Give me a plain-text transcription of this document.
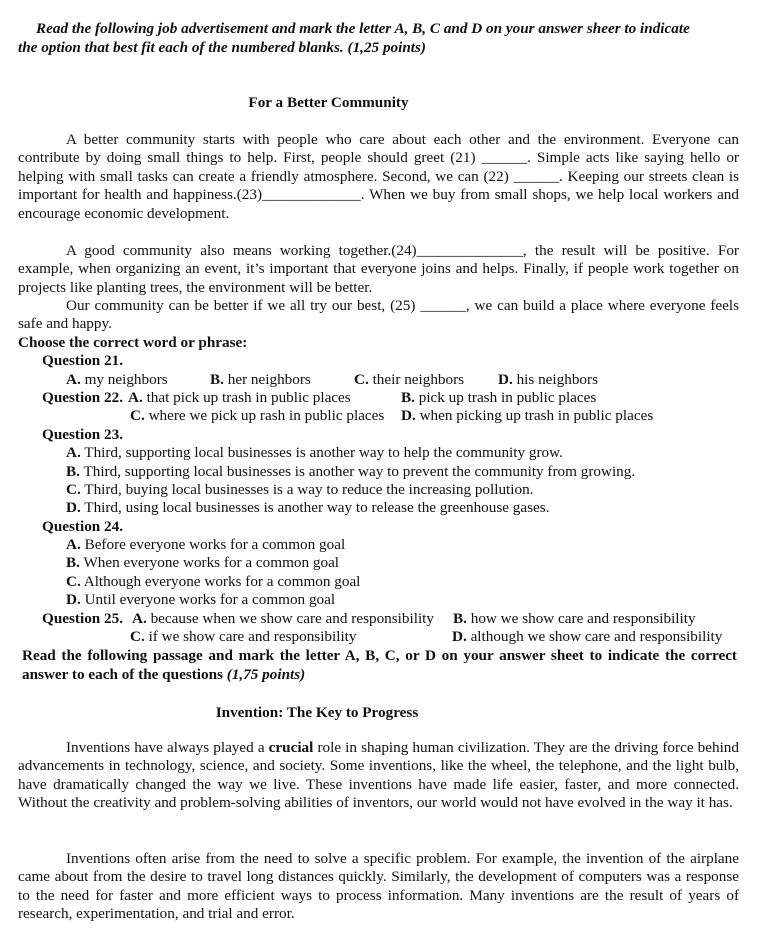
Read the following job advertisement and mark the letter A, B, C and D on your answer sheer to indicate
the option that best fit each of the numbered blanks. (1,25 points)
For a Better Community

A better community starts with people who care about each other and the environment. Everyone can contribute by doing small things to help. First, people should greet (21) ______. Simple acts like saying hello or helping with small tasks can create a friendly atmosphere. Second, we can (22) ______. Keeping our streets clean is important for health and happiness.(23)_____________. When we buy from small shops, we help local workers and encourage economic development.

A good community also means working together.(24)______________, the result will be positive. For example, when organizing an event, it’s important that everyone joins and helps. Finally, if people work together on projects like planting trees, the environment will be better.

Our community can be better if we all try our best, (25) ______, we can build a place where everyone feels safe and happy.

Choose the correct word or phrase:
Question 21.
A. my neighbors	B. her neighbors	C. their neighbors D. his neighbors
Question 22. A. that pick up trash in public places	B. pick up trash in public places
C. where we pick up rash in public places D. when picking up trash in public places
Question 23.
A. Third, supporting local businesses is another way to help the community grow.
B. Third, supporting local businesses is another way to prevent the community from growing.
C. Third, buying local businesses is a way to reduce the increasing pollution.
D. Third, using local businesses is another way to release the greenhouse gases.
Question 24.
A. Before everyone works for a common goal
B. When everyone works for a common goal
C. Although everyone works for a common goal
D. Until everyone works for a common goal
Question 25. A. because when we show care and responsibility B. how we show care and responsibility
C. if we show care and responsibility	D. although we show care and responsibility
Read the following passage and mark the letter A, B, C, or D on your answer sheet to indicate the correct answer to each of the questions (1,75 points)
Invention: The Key to Progress

Inventions have always played a crucial role in shaping human civilization. They are the driving force behind advancements in technology, science, and society. Some inventions, like the wheel, the telephone, and the light bulb, have dramatically changed the way we live. These inventions have made life easier, faster, and more connected. Without the creativity and problem-solving abilities of inventors, our world would not have evolved in the way it has.

Inventions often arise from the need to solve a specific problem. For example, the invention of the airplane came about from the desire to travel long distances quickly. Similarly, the development of computers was a response to the need for faster and more efficient ways to process information. Many inventions are the result of years of research, experimentation, and trial and error.
